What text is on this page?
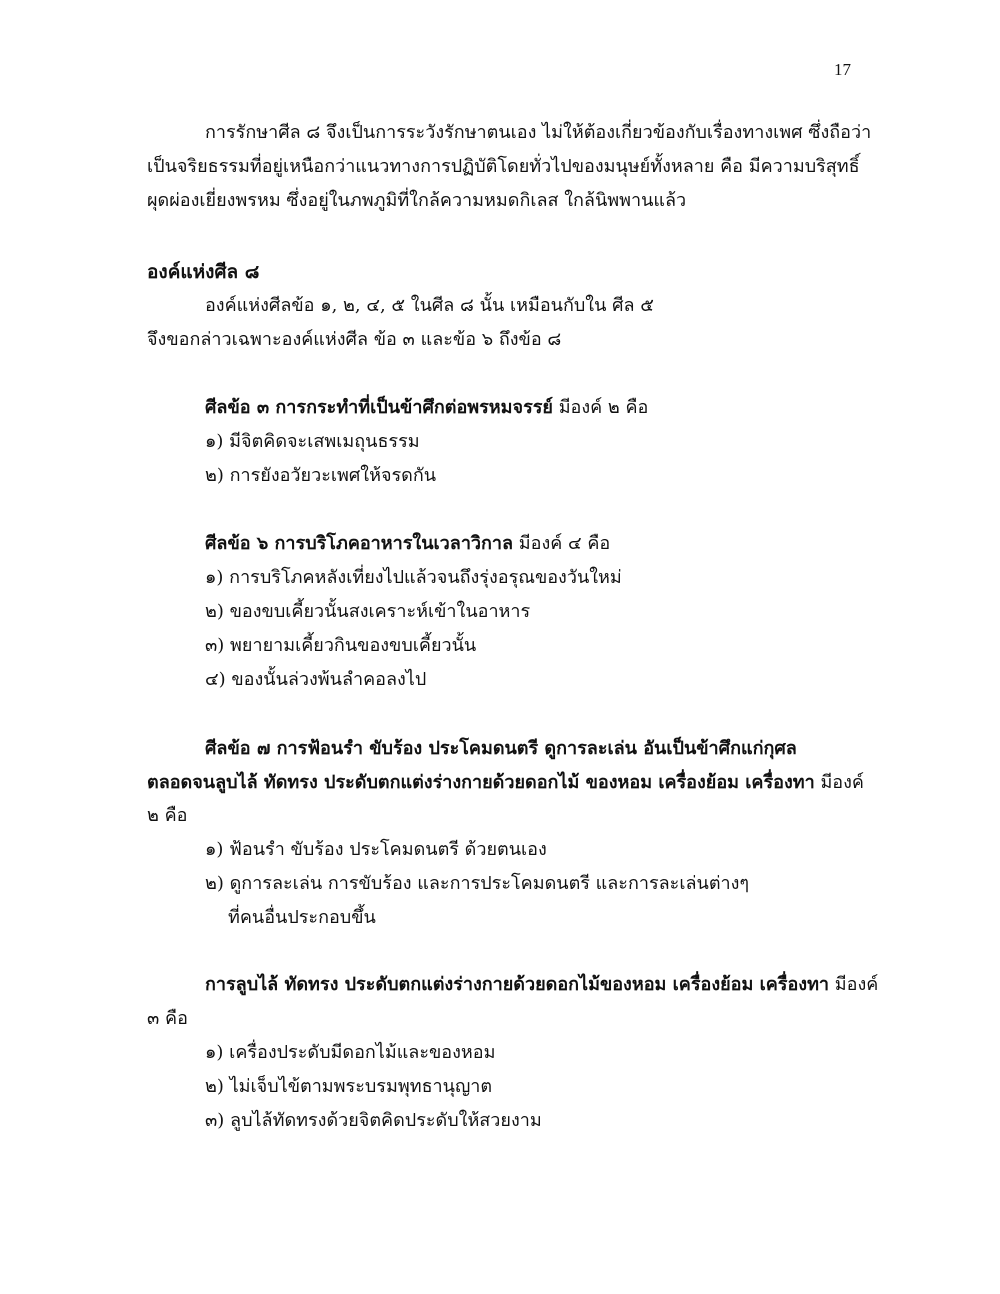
17
การรักษาศีล ๘ จึงเป็นการระวังรักษาตนเอง ไม่ให้ต้องเกี่ยวข้องกับเรื่องทางเพศ ซึ่งถือว่า
เป็นจริยธรรมที่อยู่เหนือกว่าแนวทางการปฏิบัติโดยทั่วไปของมนุษย์ทั้งหลาย คือ มีความบริสุทธิ์
ผุดผ่องเยี่ยงพรหม ซึ่งอยู่ในภพภูมิที่ใกล้ความหมดกิเลส ใกล้นิพพานแล้ว
องค์แห่งศีล ๘
องค์แห่งศีลข้อ ๑, ๒, ๔, ๕ ในศีล ๘ นั้น เหมือนกับใน ศีล ๕
จึงขอกล่าวเฉพาะองค์แห่งศีล ข้อ ๓ และข้อ ๖ ถึงข้อ ๘
ศีลข้อ ๓ การกระทำที่เป็นข้าศึกต่อพรหมจรรย์ มีองค์ ๒ คือ
๑) มีจิตคิดจะเสพเมถุนธรรม
๒) การยังอวัยวะเพศให้จรดกัน
ศีลข้อ ๖ การบริโภคอาหารในเวลาวิกาล มีองค์ ๔ คือ
๑) การบริโภคหลังเที่ยงไปแล้วจนถึงรุ่งอรุณของวันใหม่
๒) ของขบเคี้ยวนั้นสงเคราะห์เข้าในอาหาร
๓) พยายามเคี้ยวกินของขบเคี้ยวนั้น
๔) ของนั้นล่วงพ้นลำคอลงไป
ศีลข้อ ๗ การฟ้อนรำ ขับร้อง ประโคมดนตรี ดูการละเล่น อันเป็นข้าศึกแก่กุศล
ตลอดจนลูบไล้ ทัดทรง ประดับตกแต่งร่างกายด้วยดอกไม้ ของหอม เครื่องย้อม เครื่องทา มีองค์
๒ คือ
๑) ฟ้อนรำ ขับร้อง ประโคมดนตรี ด้วยตนเอง
๒) ดูการละเล่น การขับร้อง และการประโคมดนตรี และการละเล่นต่างๆ
ที่คนอื่นประกอบขึ้น
การลูบไล้ ทัดทรง ประดับตกแต่งร่างกายด้วยดอกไม้ของหอม เครื่องย้อม เครื่องทา มีองค์
๓ คือ
๑) เครื่องประดับมีดอกไม้และของหอม
๒) ไม่เจ็บไข้ตามพระบรมพุทธานุญาต
๓) ลูบไล้ทัดทรงด้วยจิตคิดประดับให้สวยงาม
